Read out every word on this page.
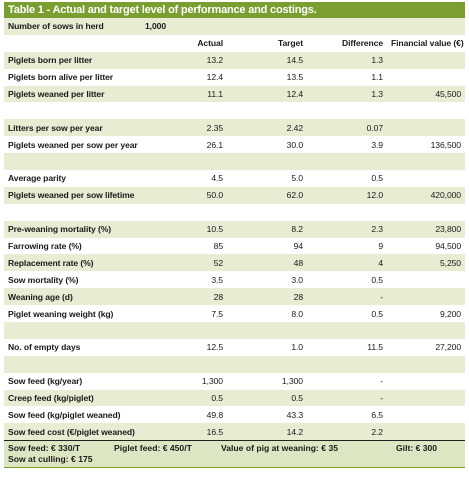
Table 1 - Actual and target level of performance and costings.
Number of sows in herd	1,000			
	Actual	Target	Difference	Financial value (€)
Piglets born per litter	13.2	14.5	1.3	
Piglets born alive per litter	12.4	13.5	1.1	
Piglets weaned per litter	11.1	12.4	1.3	45,500

Litters per sow per year	2.35	2.42	0.07	
Piglets weaned per sow per year	26.1	30.0	3.9	136,500

Average parity	4.5	5.0	0.5	
Piglets weaned per sow lifetime	50.0	62.0	12.0	420,000

Pre-weaning mortality (%)	10.5	8.2	2.3	23,800
Farrowing rate (%)	85	94	9	94,500
Replacement rate (%)	52	48	4	5,250
Sow mortality (%)	3.5	3.0	0.5	
Weaning age (d)	28	28	-	
Piglet weaning weight (kg)	7.5	8.0	0.5	9,200

No. of empty days	12.5	1.0	11.5	27,200

Sow feed (kg/year)	1,300	1,300	-	
Creep feed (kg/piglet)	0.5	0.5	-	
Sow feed (kg/piglet weaned)	49.8	43.3	6.5	
Sow feed cost (€/piglet weaned)	16.5	14.2	2.2	
Sow feed: € 330/T	Piglet feed: € 450/T	Value of pig at weaning: € 35	Gilt: € 300
Sow at culling: € 175
